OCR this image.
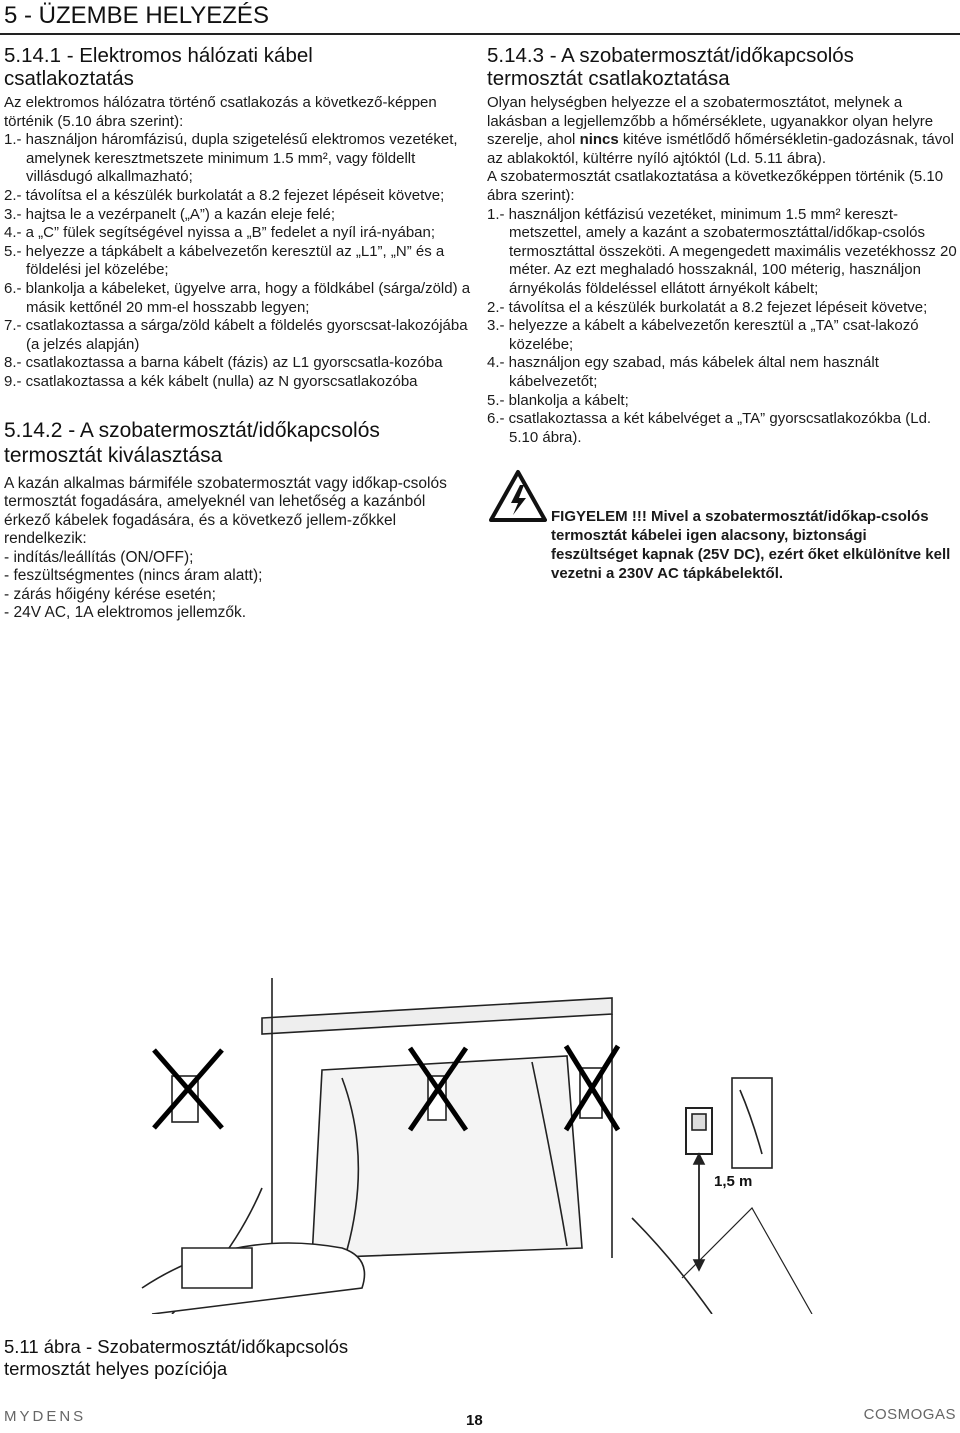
5 - ÜZEMBE HELYEZÉS
5.14.1 - Elektromos hálózati kábel
csatlakoztatás

Az elektromos hálózatra történő csatlakozás a következő-képpen történik (5.10 ábra szerint):

1.- használjon háromfázisú, dupla szigetelésű elektromos vezetéket, amelynek keresztmetszete minimum 1.5 mm², vagy földellt villásdugó alkallmazható;
2.- távolítsa el a készülék burkolatát a 8.2 fejezet lépéseit követve;
3.- hajtsa le a vezérpanelt („A”) a kazán eleje felé;
4.- a „C” fülek segítségével nyissa a „B” fedelet a nyíl irá-nyában;
5.- helyezze a tápkábelt a kábelvezetőn keresztül az „L1”, „N” és a földelési jel közelébe;
6.- blankolja a kábeleket, ügyelve arra, hogy a földkábel (sárga/zöld) a másik kettőnél 20 mm-el hosszabb legyen;
7.- csatlakoztassa a sárga/zöld kábelt a földelés gyorscsat-lakozójába (a jelzés alapján)
8.- csatlakoztassa a barna kábelt (fázis) az L1 gyorscsatla-kozóba
9.- csatlakoztassa a kék kábelt (nulla) az N gyorscsatlakozóba
5.14.2 - A szobatermosztát/időkapcsolós
termosztát kiválasztása

A kazán alkalmas bármiféle szobatermosztát vagy időkap-csolós termosztát fogadására, amelyeknél van lehetőség a kazánból érkező kábelek fogadására, és a következő jellem-zőkkel rendelkezik:

- indítás/leállítás (ON/OFF);
- feszültségmentes (nincs áram alatt);
- zárás hőigény kérése esetén;
- 24V AC, 1A elektromos jellemzők.
5.14.3 - A szobatermosztát/időkapcsolós
termosztát csatlakoztatása

Olyan helységben helyezze el a szobatermosztátot, melynek a lakásban a legjellemzőbb a hőmérséklete, ugyanakkor olyan helyre szerelje, ahol nincs kitéve ismétlődő hőmérsékletin-gadozásnak, távol az ablakoktól, kültérre nyíló ajtóktól (Ld. 5.11 ábra).

A szobatermosztát csatlakoztatása a következőképpen történik (5.10 ábra szerint):

1.- használjon kétfázisú vezetéket, minimum 1.5 mm² kereszt-metszettel, amely a kazánt a szobatermosztáttal/időkap-csolós termosztáttal összeköti. A megengedett maximális vezetékhossz 20 méter. Az ezt meghaladó hosszaknál, 100 méterig, használjon árnyékolás földeléssel ellátott árnyékolt kábelt;
2.- távolítsa el a készülék burkolatát a 8.2 fejezet lépéseit követve;
3.- helyezze a kábelt a kábelvezetőn keresztül a „TA” csat-lakozó közelébe;
4.- használjon egy szabad, más kábelek által nem használt kábelvezetőt;
5.- blankolja a kábelt;
6.- csatlakoztassa a két kábelvéget a „TA” gyorscsatlakozókba (Ld. 5.10 ábra).
FIGYELEM !!! Mivel a szobatermosztát/időkap-csolós termosztát kábelei igen alacsony, biztonsági feszültséget kapnak (25V DC), ezért őket elkülönítve kell vezetni a 230V AC tápkábelektől.
1,5 m
5.11 ábra - Szobatermosztát/időkapcsolós
termosztát helyes pozíciója
MYDENS	18	COSMOGAS
